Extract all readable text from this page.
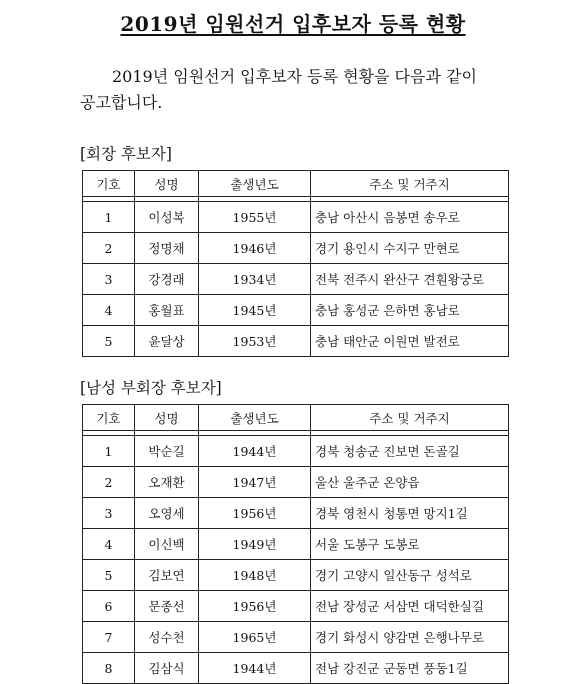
2019년 임원선거 입후보자 등록 현황

2019년 임원선거 입후보자 등록 현황을 다음과 같이
공고합니다.

[회장 후보자]

기호	성명	출생년도	주소 및 거주지

1	이성복	1955년	충남 아산시 음봉면 송우로
2	정명채	1946년	경기 용인시 수지구 만현로
3	강경래	1934년	전북 전주시 완산구 견훤왕궁로
4	홍월표	1945년	충남 홍성군 은하면 홍남로
5	윤달상	1953년	충남 태안군 이원면 발전로

[남성 부회장 후보자]

기호	성명	출생년도	주소 및 거주지

1	박순길	1944년	경북 청송군 진보면 돈골길
2	오재환	1947년	울산 울주군 온양읍
3	오영세	1956년	경북 영천시 청통면 망지1길
4	이신백	1949년	서울 도봉구 도봉로
5	김보연	1948년	경기 고양시 일산동구 성석로
6	문종선	1956년	전남 장성군 서삼면 대덕한실길
7	성수천	1965년	경기 화성시 양감면 은행나무로
8	김삼식	1944년	전남 강진군 군동면 풍동1길
